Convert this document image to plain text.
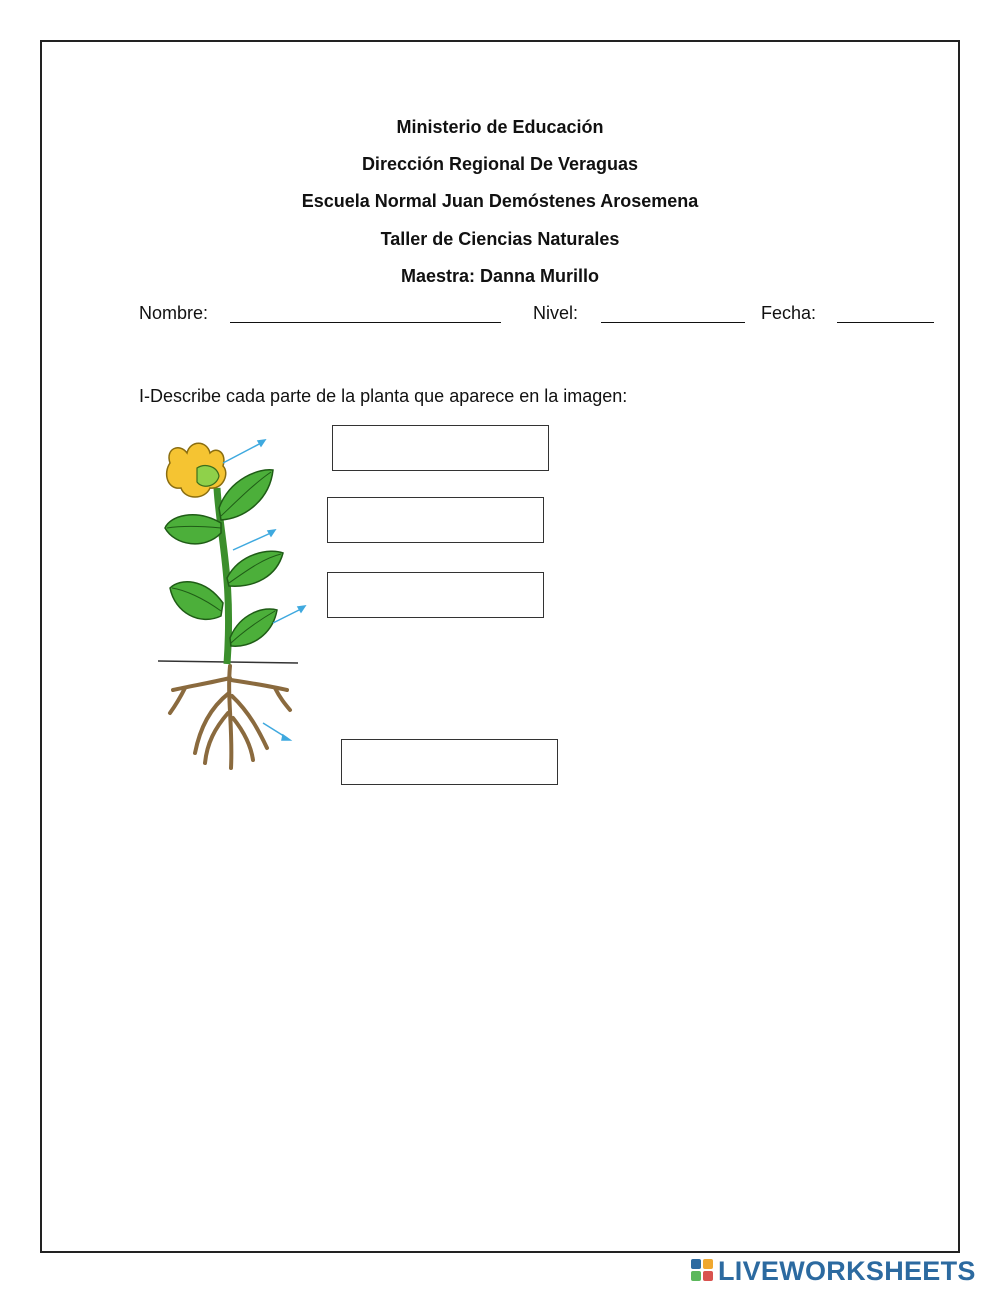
Ministerio de Educación
Dirección Regional De Veraguas
Escuela Normal Juan Demóstenes Arosemena
Taller de Ciencias Naturales
Maestra: Danna Murillo
Nombre:	Nivel:	Fecha:
I-Describe cada parte de la planta que aparece en la imagen:
LIVEWORKSHEETS
